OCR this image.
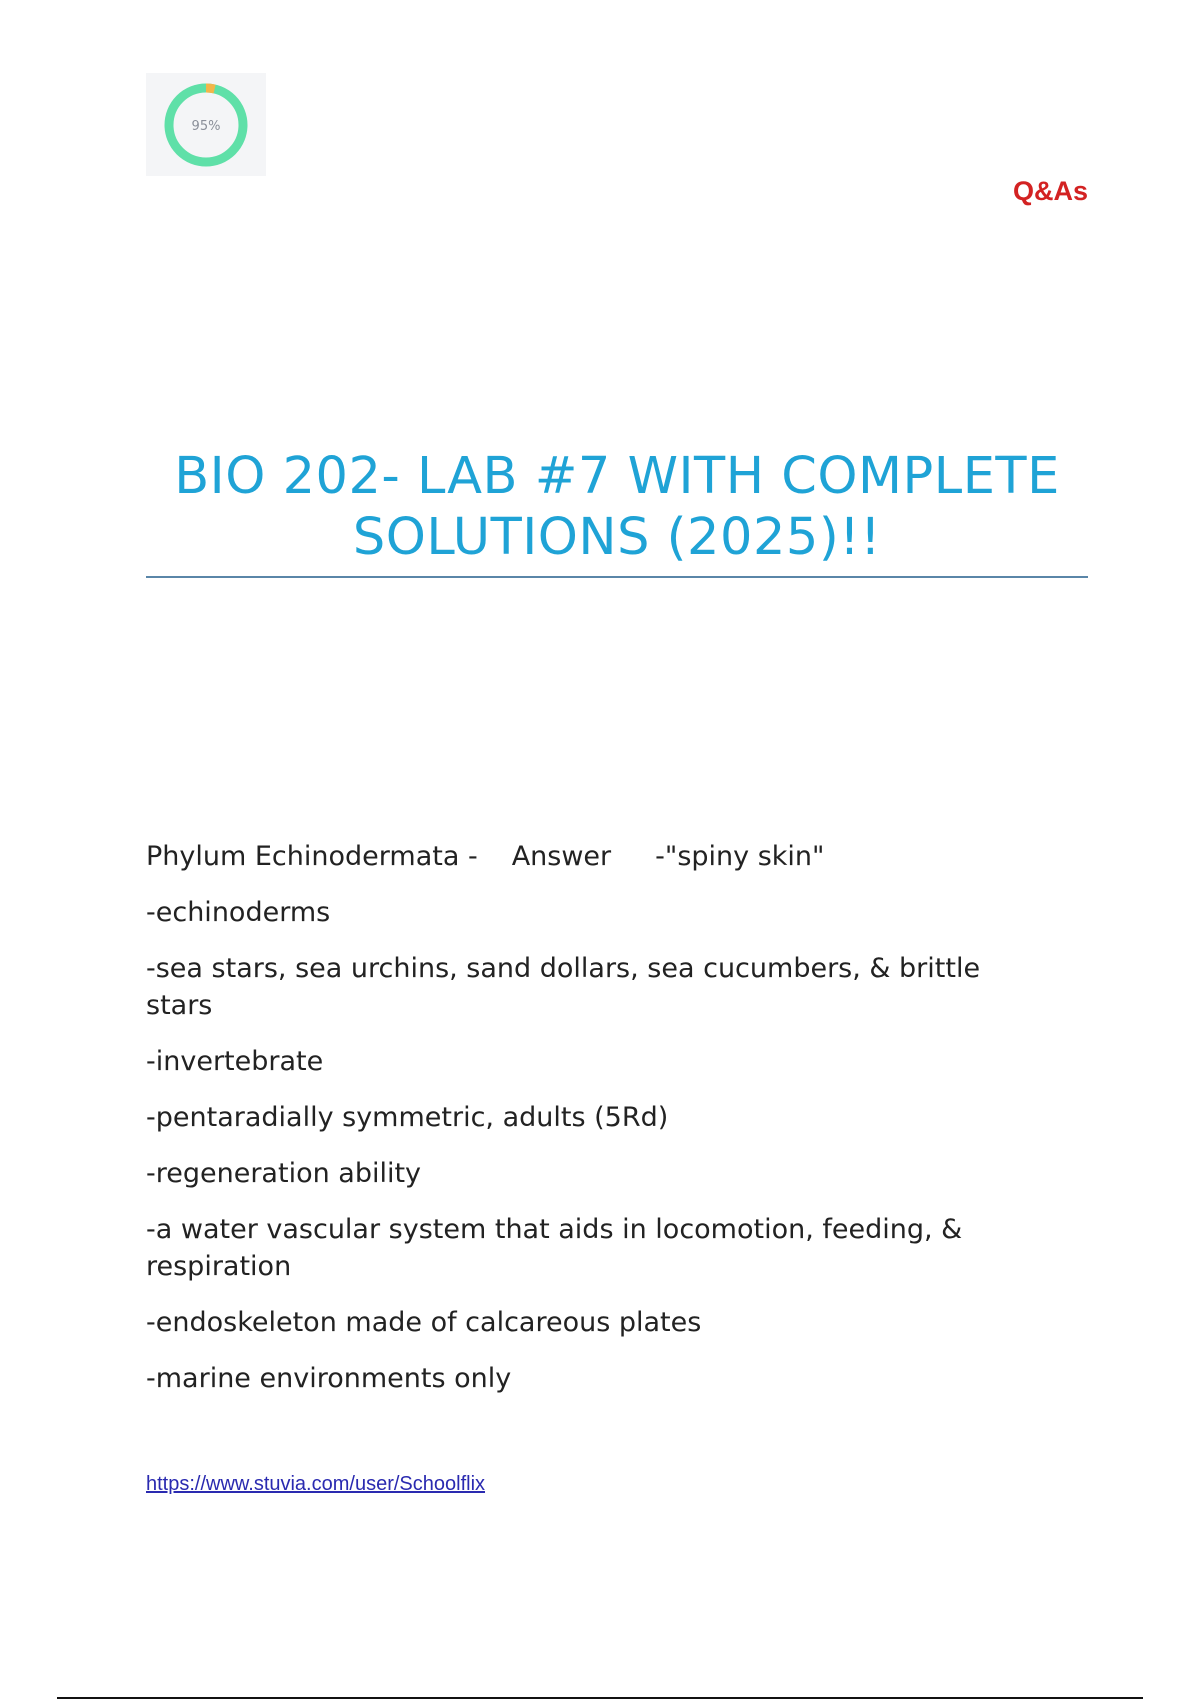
95%
Q&As
BIO 202- LAB #7 WITH COMPLETE
SOLUTIONS (2025)!!
Phylum Echinodermata - Answer -"spiny skin"
-echinoderms
-sea stars, sea urchins, sand dollars, sea cucumbers, & brittle stars
-invertebrate
-pentaradially symmetric, adults (5Rd)
-regeneration ability
-a water vascular system that aids in locomotion, feeding, & respiration
-endoskeleton made of calcareous plates
-marine environments only
https://www.stuvia.com/user/Schoolflix
